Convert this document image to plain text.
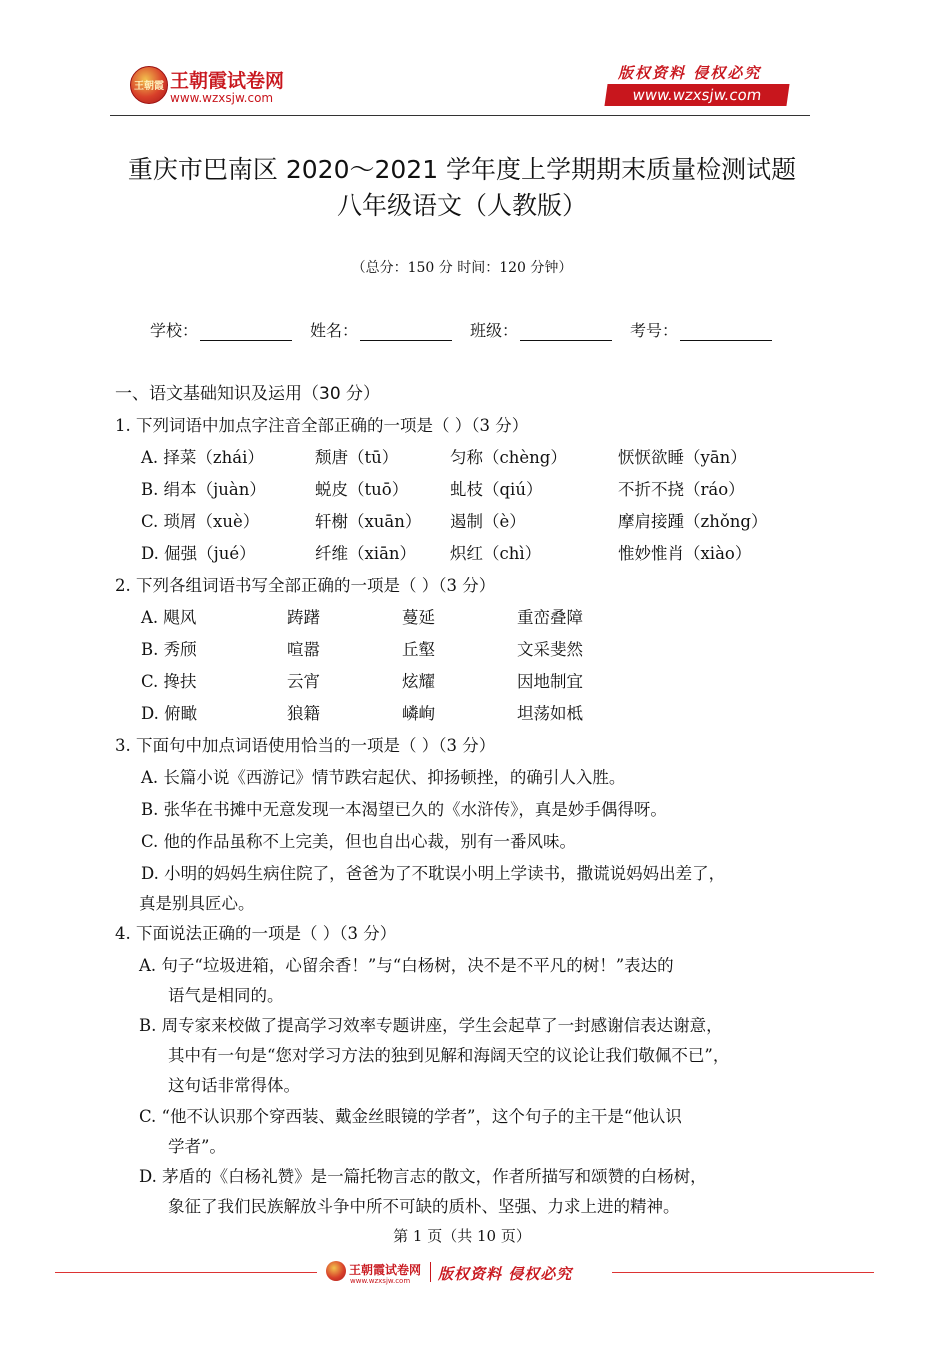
王朝霞 王朝霞试卷网
www.wzxsjw.com
版权资料 侵权必究
www.wzxsjw.com
重庆市巴南区 2020～2021 学年度上学期期末质量检测试题
八年级语文（人教版）
（总分：150 分 时间：120 分钟）
学校：	姓名：	班级：	考号：
一、语文基础知识及运用（30 分）
1. 下列词语中加点字注音全部正确的一项是（ ）（3 分）
A. 择菜（zhái）	颓唐（tū）	匀称（chèng）	恹恹欲睡（yān）
B. 绢本（juàn）	蜕皮（tuō）	虬枝（qiú）	不折不挠（ráo）
C. 琐屑（xuè）	轩榭（xuān） 遏制（è）	摩肩接踵（zhǒng）
D. 倔强（jué）	纤维（xiān） 炽红（chì）	惟妙惟肖（xiào）
2. 下列各组词语书写全部正确的一项是（ ）（3 分）
A. 飓风	踌躇	蔓延	重峦叠障
B. 秀颀	喧嚣	丘壑	文采斐然
C. 搀扶	云宵	炫耀	因地制宜
D. 俯瞰	狼籍	嶙峋	坦荡如柢
3. 下面句中加点词语使用恰当的一项是（ ）（3 分）
A. 长篇小说《西游记》情节跌宕起伏、抑扬顿挫，的确引人入胜。
B. 张华在书摊中无意发现一本渴望已久的《水浒传》，真是妙手偶得呀。
C. 他的作品虽称不上完美，但也自出心裁，别有一番风味。
D. 小明的妈妈生病住院了，爸爸为了不耽误小明上学读书，撒谎说妈妈出差了，
真是别具匠心。
4. 下面说法正确的一项是（ ）（3 分）
A. 句子“垃圾进箱，心留余香！”与“白杨树，决不是不平凡的树！”表达的
语气是相同的。
B. 周专家来校做了提高学习效率专题讲座，学生会起草了一封感谢信表达谢意，
其中有一句是“您对学习方法的独到见解和海阔天空的议论让我们敬佩不已”，
这句话非常得体。
C. “他不认识那个穿西装、戴金丝眼镜的学者”，这个句子的主干是“他认识
学者”。
D. 茅盾的《白杨礼赞》是一篇托物言志的散文，作者所描写和颂赞的白杨树，
象征了我们民族解放斗争中所不可缺的质朴、坚强、力求上进的精神。
第 1 页（共 10 页）
王朝霞试卷网
www.wzxsjw.com 版权资料 侵权必究
